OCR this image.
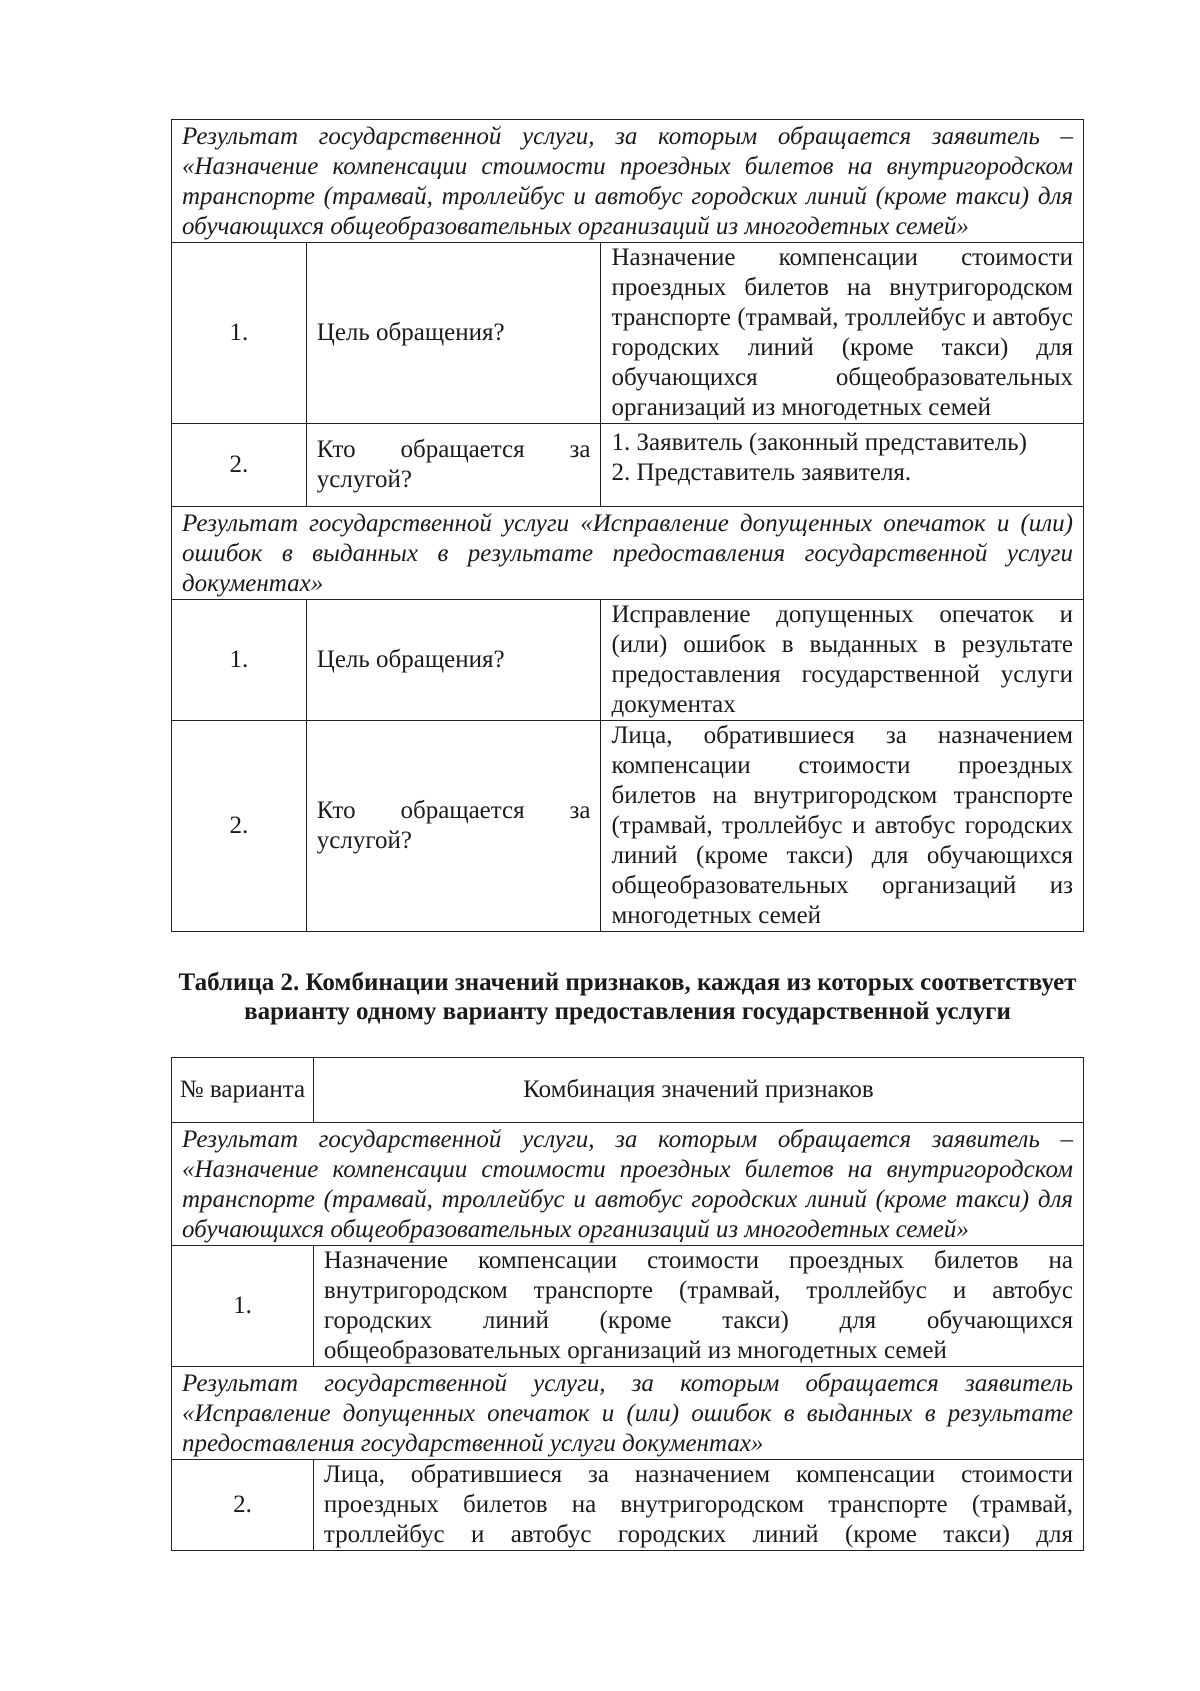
Результат государственной услуги, за которым обращается заявитель – «Назначение компенсации стоимости проездных билетов на внутригородском транспорте (трамвай, троллейбус и автобус городских линий (кроме такси) для обучающихся общеобразовательных организаций из многодетных семей»		
1.	Цель обращения?	Назначение компенсации стоимости проездных билетов на внутригородском транспорте (трамвай, троллейбус и автобус городских линий (кроме такси) для обучающихся общеобразовательных организаций из многодетных семей
2.	Кто обращается за услугой?	1. Заявитель (законный представитель)
2. Представитель заявителя.

Результат государственной услуги «Исправление допущенных опечаток и (или) ошибок в выданных в результате предоставления государственной услуги документах»		
1.	Цель обращения?	Исправление допущенных опечаток и (или) ошибок в выданных в результате предоставления государственной услуги документах
2.	Кто обращается за услугой?	Лица, обратившиеся за назначением компенсации стоимости проездных билетов на внутригородском транспорте (трамвай, троллейбус и автобус городских линий (кроме такси) для обучающихся общеобразовательных организаций из многодетных семей
Таблица 2. Комбинации значений признаков, каждая из которых соответствует варианту одному варианту предоставления государственной услуги
№ варианта	Комбинация значений признаков
Результат государственной услуги, за которым обращается заявитель – «Назначение компенсации стоимости проездных билетов на внутригородском транспорте (трамвай, троллейбус и автобус городских линий (кроме такси) для обучающихся общеобразовательных организаций из многодетных семей»	
1.	Назначение компенсации стоимости проездных билетов на внутригородском транспорте (трамвай, троллейбус и автобус городских линий (кроме такси) для обучающихся общеобразовательных организаций из многодетных семей
Результат государственной услуги, за которым обращается заявитель «Исправление допущенных опечаток и (или) ошибок в выданных в результате предоставления государственной услуги документах»	
2.	Лица, обратившиеся за назначением компенсации стоимости проездных билетов на внутригородском транспорте (трамвай, троллейбус и автобус городских линий (кроме такси) для
